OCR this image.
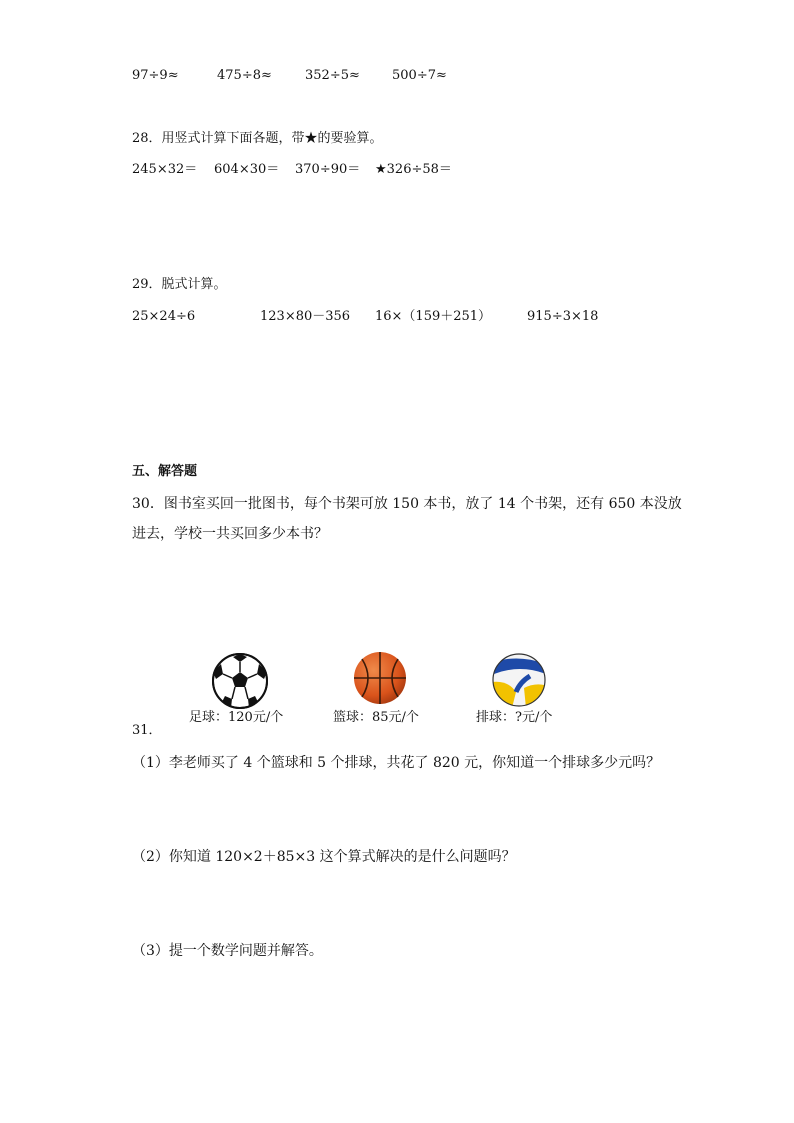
97÷9≈	475÷8≈	352÷5≈ 500÷7≈
28．用竖式计算下面各题，带★的要验算。
245×32＝ 604×30＝ 370÷90＝ ★326÷58＝
29．脱式计算。
25×24÷6	123×80－356 16×（159＋251）	915÷3×18
五、解答题
30．图书室买回一批图书，每个书架可放 150 本书，放了 14 个书架，还有 650 本没放
进去，学校一共买回多少本书？
足球：120元/个	篮球：85元/个	排球：?元/个
31．
（1）李老师买了 4 个篮球和 5 个排球，共花了 820 元，你知道一个排球多少元吗？
（2）你知道 120×2＋85×3 这个算式解决的是什么问题吗？
（3）提一个数学问题并解答。
